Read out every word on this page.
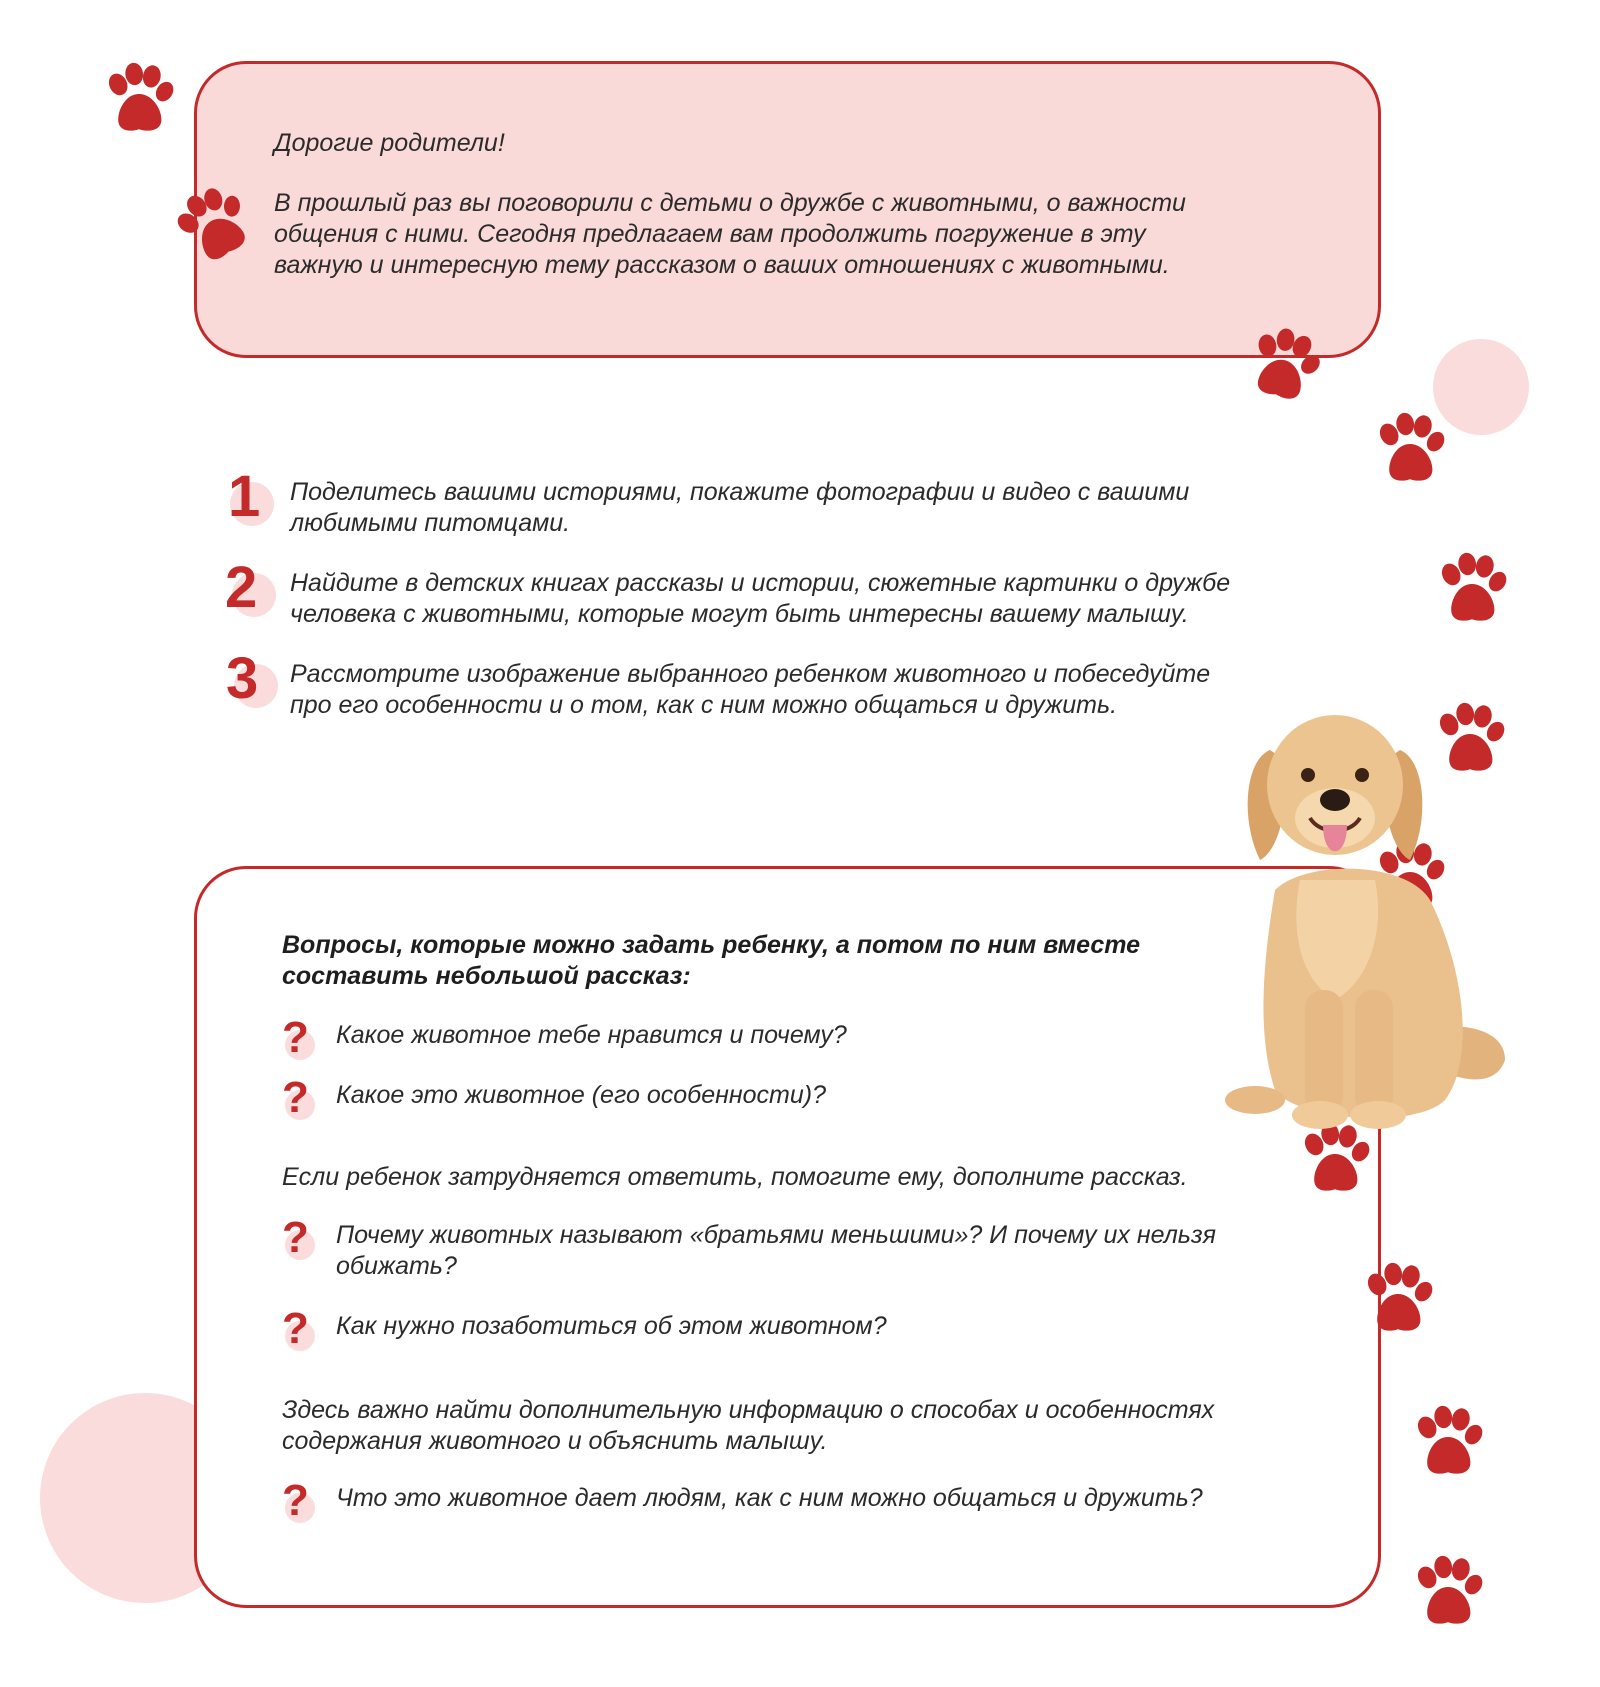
Дорогие родители!
В прошлый раз вы поговорили с детьми о дружбе с животными, о важности
общения с ними. Сегодня предлагаем вам продолжить погружение в эту
важную и интересную тему рассказом о ваших отношениях с животными.
1 Поделитесь вашими историями, покажите фотографии и видео с вашими
любимыми питомцами.
2 Найдите в детских книгах рассказы и истории, сюжетные картинки о дружбе
человека с животными, которые могут быть интересны вашему малышу.
3 Рассмотрите изображение выбранного ребенком животного и побеседуйте
про его особенности и о том, как с ним можно общаться и дружить.
Вопросы, которые можно задать ребенку, а потом по ним вместе
составить небольшой рассказ:
? Какое животное тебе нравится и почему?
? Какое это животное (его особенности)?
Если ребенок затрудняется ответить, помогите ему, дополните рассказ.
? Почему животных называют «братьями меньшими»? И почему их нельзя
обижать?
? Как нужно позаботиться об этом животном?
Здесь важно найти дополнительную информацию о способах и особенностях
содержания животного и объяснить малышу.
? Что это животное дает людям, как с ним можно общаться и дружить?
